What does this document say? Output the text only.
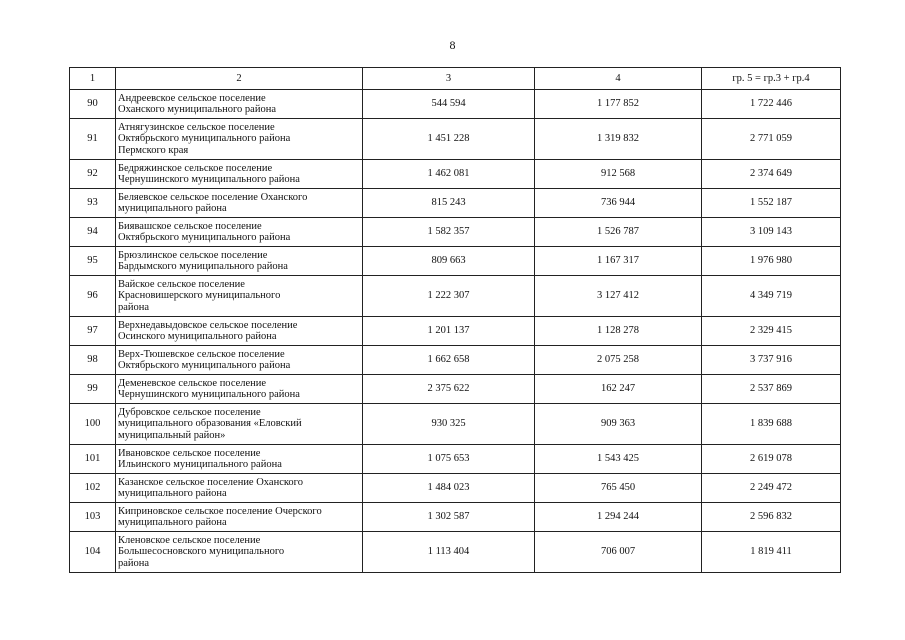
8
1	2	3	4	гр. 5 = гр.3 + гр.4
90	Андреевское сельское поселение
Оханского муниципального района	544 594	1 177 852	1 722 446
91	Атнягузинское сельское поселение
Октябрьского муниципального района
Пермского края	1 451 228	1 319 832	2 771 059
92	Бедряжинское сельское поселение
Чернушинского муниципального района	1 462 081	912 568	2 374 649
93	Беляевское сельское поселение Оханского
муниципального района	815 243	736 944	1 552 187
94	Биявашское сельское поселение
Октябрьского муниципального района	1 582 357	1 526 787	3 109 143
95	Брюзлинское сельское поселение
Бардымского муниципального района	809 663	1 167 317	1 976 980
96	Вайское сельское поселение
Красновишерского муниципального
района	1 222 307	3 127 412	4 349 719
97	Верхнедавыдовское сельское поселение
Осинского муниципального района	1 201 137	1 128 278	2 329 415
98	Верх-Тюшевское сельское поселение
Октябрьского муниципального района	1 662 658	2 075 258	3 737 916
99	Деменевское сельское поселение
Чернушинского муниципального района	2 375 622	162 247	2 537 869
100	Дубровское сельское поселение
муниципального образования «Еловский
муниципальный район»	930 325	909 363	1 839 688
101	Ивановское сельское поселение
Ильинского муниципального района	1 075 653	1 543 425	2 619 078
102	Казанское сельское поселение Оханского
муниципального района	1 484 023	765 450	2 249 472
103	Киприновское сельское поселение Очерского
муниципального района	1 302 587	1 294 244	2 596 832
104	Кленовское сельское поселение
Большесосновского муниципального
района	1 113 404	706 007	1 819 411
